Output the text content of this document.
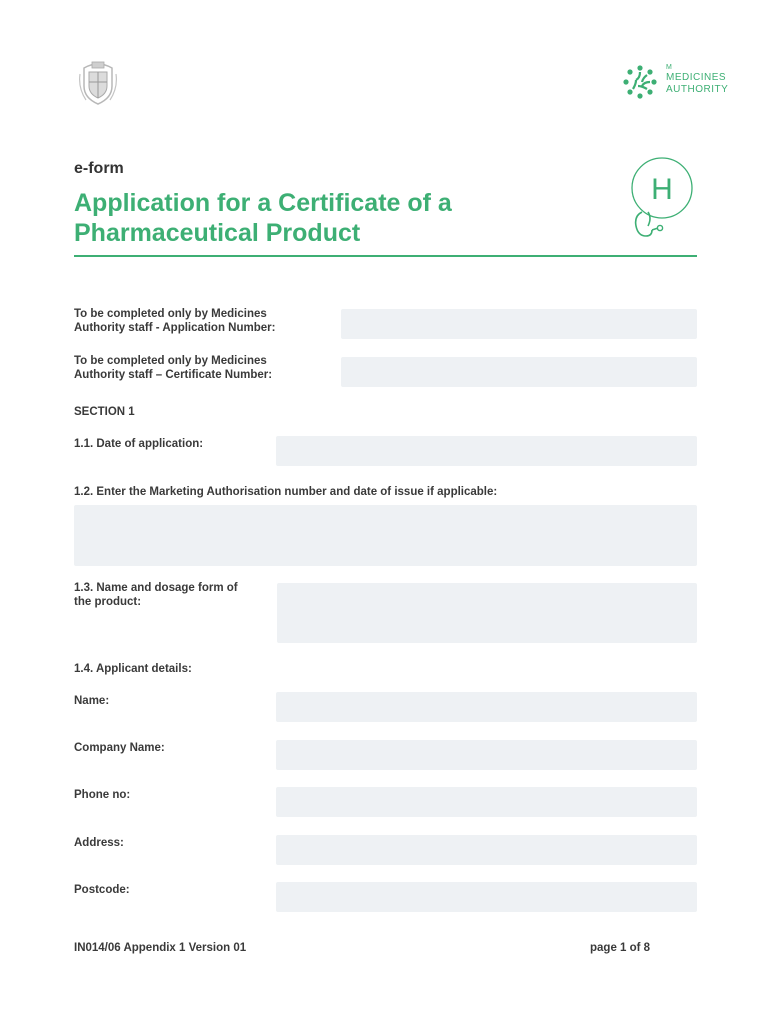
M
MEDICINES
AUTHORITY
e-form
Application for a Certificate of a
Pharmaceutical Product
H
To be completed only by Medicines
Authority staff - Application Number:
To be completed only by Medicines
Authority staff – Certificate Number:
SECTION 1
1.1. Date of application:
1.2. Enter the Marketing Authorisation number and date of issue if applicable:
1.3. Name and dosage form of
the product:
1.4. Applicant details:
Name:
Company Name:
Phone no:
Address:
Postcode:
IN014/06 Appendix 1 Version 01	page 1 of 8
